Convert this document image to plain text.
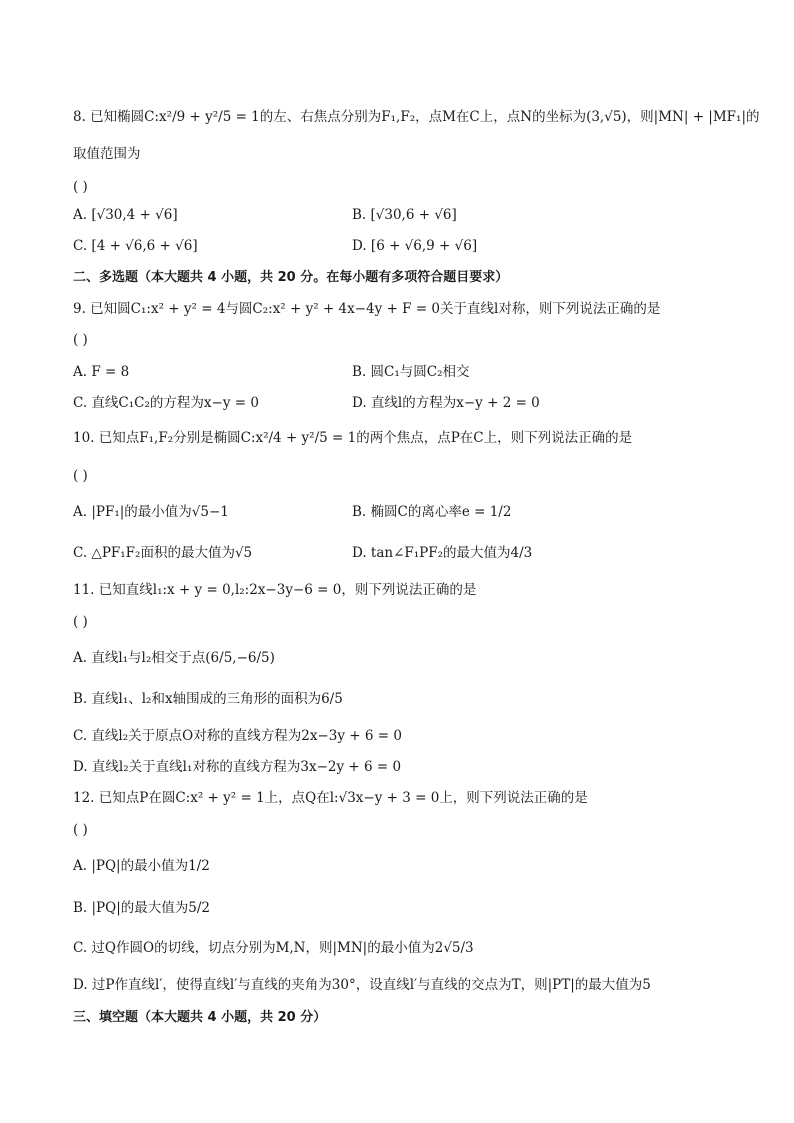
8. 已知椭圆C:x²/9 + y²/5 = 1的左、右焦点分别为F₁,F₂，点M在C上，点N的坐标为(3,√5)，则|MN| + |MF₁|的
取值范围为
( )
A. [√30,4 + √6]	B. [√30,6 + √6]
C. [4 + √6,6 + √6]	D. [6 + √6,9 + √6]
二、多选题（本大题共 4 小题，共 20 分。在每小题有多项符合题目要求）
9. 已知圆C₁:x² + y² = 4与圆C₂:x² + y² + 4x−4y + F = 0关于直线l对称，则下列说法正确的是
( )
A. F = 8	B. 圆C₁与圆C₂相交
C. 直线C₁C₂的方程为x−y = 0	D. 直线l的方程为x−y + 2 = 0
10. 已知点F₁,F₂分别是椭圆C:x²/4 + y²/5 = 1的两个焦点，点P在C上，则下列说法正确的是
( )
A. |PF₁|的最小值为√5−1	B. 椭圆C的离心率e = 1/2
C. △PF₁F₂面积的最大值为√5	D. tan∠F₁PF₂的最大值为4/3
11. 已知直线l₁:x + y = 0,l₂:2x−3y−6 = 0，则下列说法正确的是
( )
A. 直线l₁与l₂相交于点(6/5,−6/5)
B. 直线l₁、l₂和x轴围成的三角形的面积为6/5
C. 直线l₂关于原点O对称的直线方程为2x−3y + 6 = 0
D. 直线l₂关于直线l₁对称的直线方程为3x−2y + 6 = 0
12. 已知点P在圆C:x² + y² = 1上，点Q在l:√3x−y + 3 = 0上，则下列说法正确的是
( )
A. |PQ|的最小值为1/2
B. |PQ|的最大值为5/2
C. 过Q作圆O的切线，切点分别为M,N，则|MN|的最小值为2√5/3
D. 过P作直线l′，使得直线l′与直线的夹角为30°，设直线l′与直线的交点为T，则|PT|的最大值为5
三、填空题（本大题共 4 小题，共 20 分）
